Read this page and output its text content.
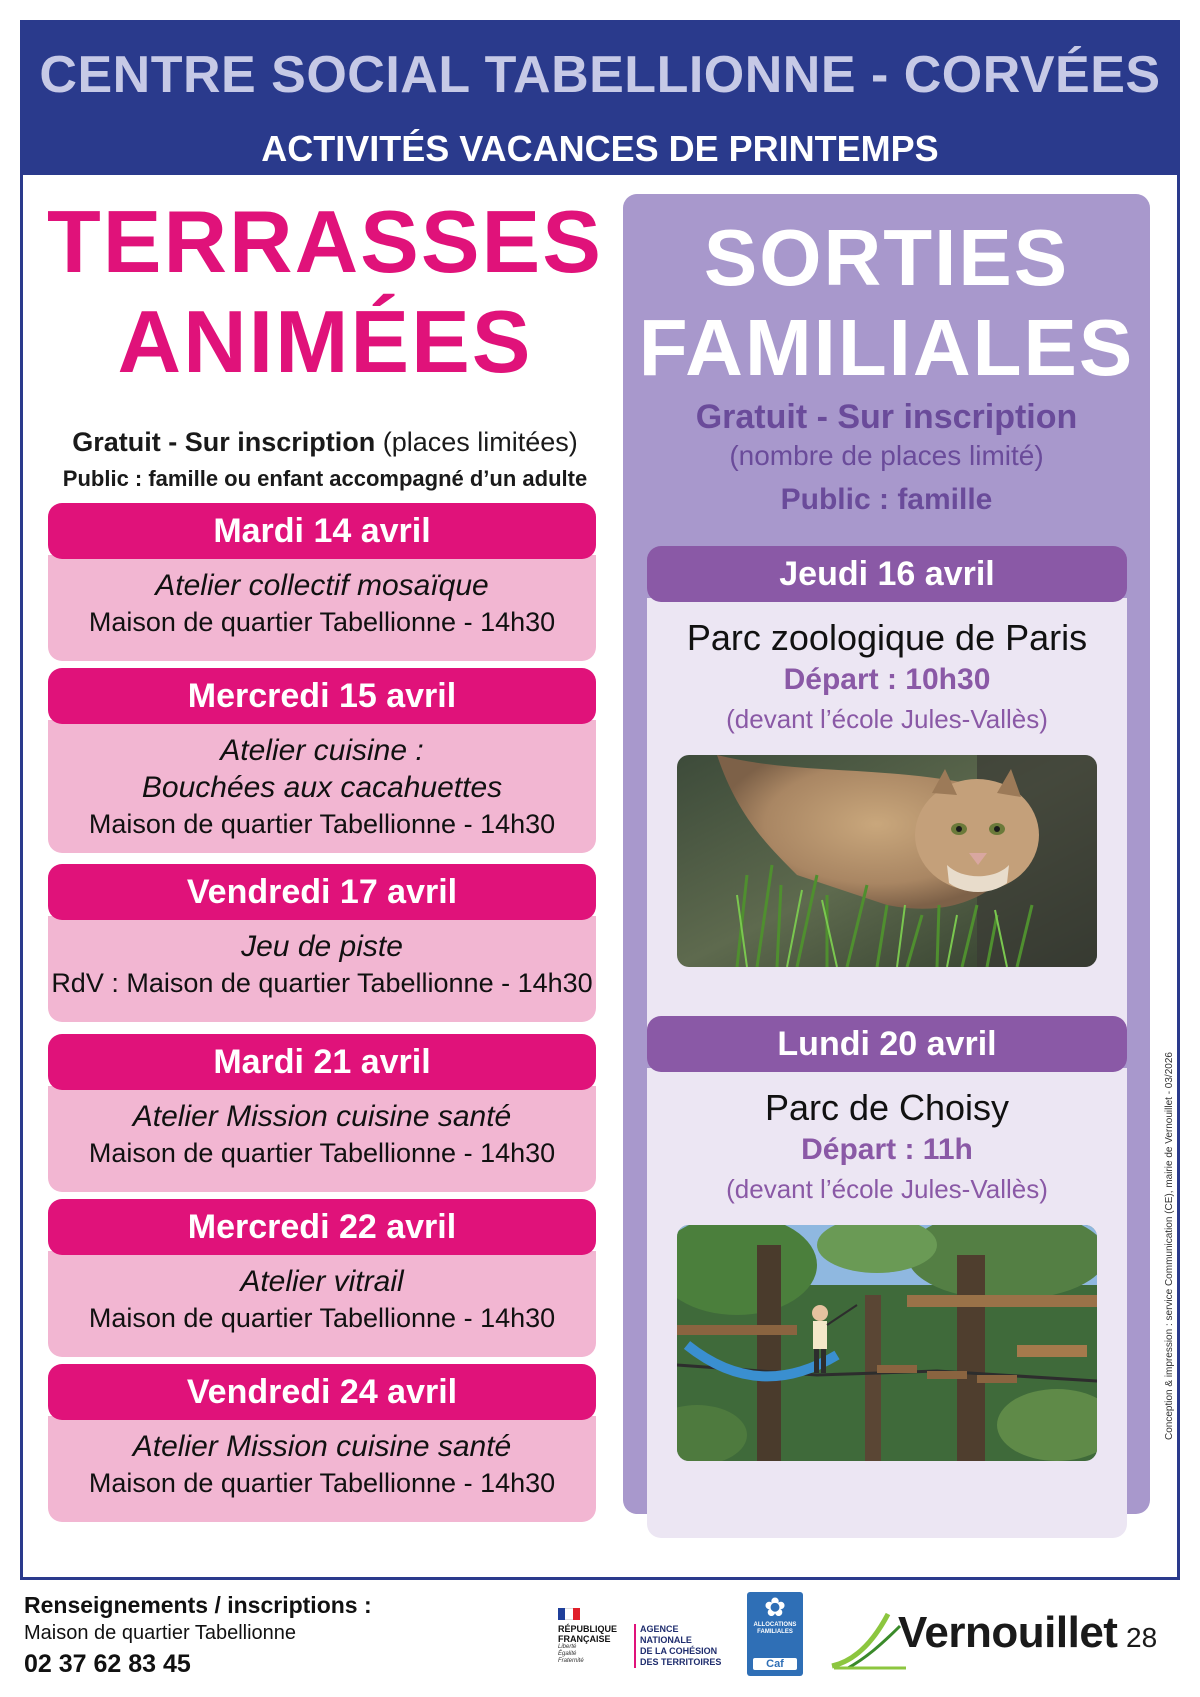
CENTRE SOCIAL TABELLIONNE - CORVÉES
ACTIVITÉS VACANCES DE PRINTEMPS
TERRASSES
ANIMÉES
Gratuit - Sur inscription (places limitées)
Public : famille ou enfant accompagné d’un adulte
Mardi 14 avril
Atelier collectif mosaïque
Maison de quartier Tabellionne - 14h30
Mercredi 15 avril
Atelier cuisine :
Bouchées aux cacahuettes
Maison de quartier Tabellionne - 14h30
Vendredi 17 avril
Jeu de piste
RdV : Maison de quartier Tabellionne - 14h30
Mardi 21 avril
Atelier Mission cuisine santé
Maison de quartier Tabellionne - 14h30
Mercredi 22 avril
Atelier vitrail
Maison de quartier Tabellionne - 14h30
Vendredi 24 avril
Atelier Mission cuisine santé
Maison de quartier Tabellionne - 14h30
SORTIES
FAMILIALES
Gratuit - Sur inscription
(nombre de places limité)
Public : famille
Jeudi 16 avril
Parc zoologique de Paris
Départ : 10h30
(devant l’école Jules-Vallès)
Lundi 20 avril
Parc de Choisy
Départ : 11h
(devant l’école Jules-Vallès)	Conception & impression : service Communication (CE), mairie de Vernouillet - 03/2026
Renseignements / inscriptions :
Maison de quartier Tabellionne
02 37 62 83 45
RÉPUBLIQUE
FRANÇAISE
Liberté
Égalité
Fraternité
AGENCE
NATIONALE
DE LA COHÉSION
DES TERRITOIRES
✿
ALLOCATIONS
FAMILIALES
Caf
Vernouillet 28
